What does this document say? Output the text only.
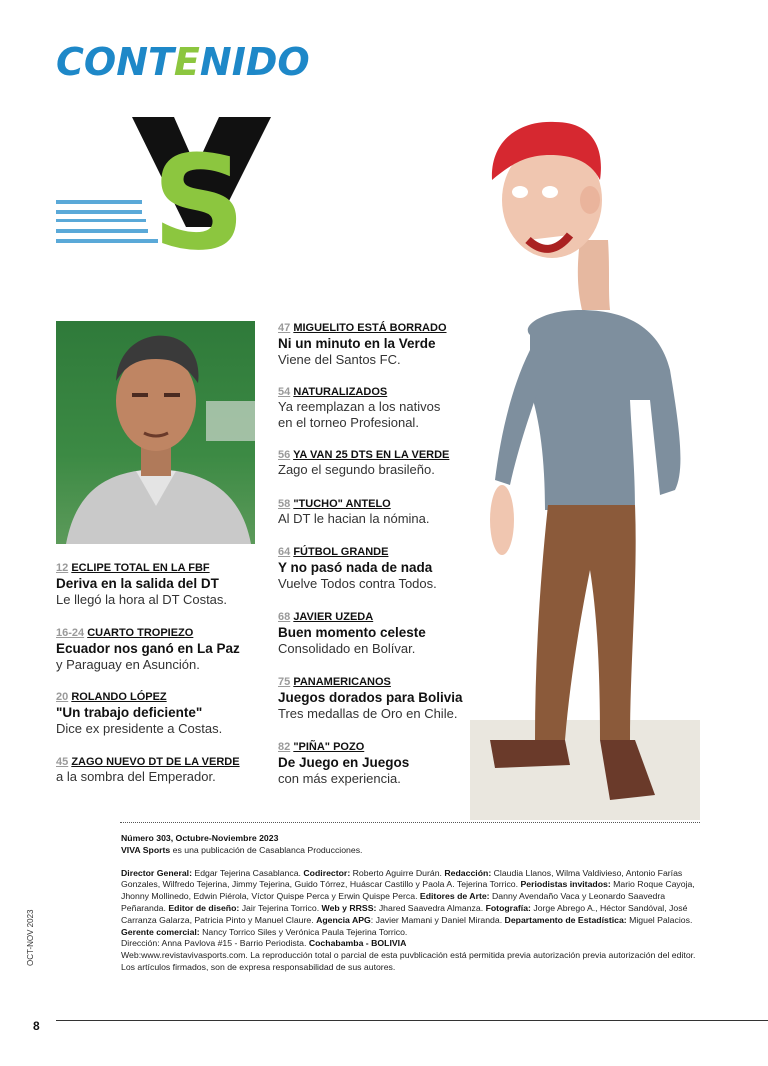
CONTENIDO
S
12 ECLIPE TOTAL EN LA FBF
Deriva en la salida del DT
Le llegó la hora al DT Costas.
16-24 CUARTO TROPIEZO
Ecuador nos ganó en La Paz
y Paraguay en Asunción.
20 ROLANDO LÓPEZ
"Un trabajo deficiente"
Dice ex presidente a Costas.
45 ZAGO NUEVO DT DE LA VERDE
a la sombra del Emperador.
47 MIGUELITO ESTÁ BORRADO
Ni un minuto en la Verde
Viene del Santos FC.
54 NATURALIZADOS
Ya reemplazan a los nativos
en el torneo Profesional.
56 YA VAN 25 DTS EN LA VERDE
Zago el segundo brasileño.
58 "TUCHO" ANTELO
Al DT le hacian la nómina.
64 FÚTBOL GRANDE
Y no pasó nada de nada
Vuelve Todos contra Todos.
68 JAVIER UZEDA
Buen momento celeste
Consolidado en Bolívar.
75 PANAMERICANOS
Juegos dorados para Bolivia
Tres medallas de Oro en Chile.
82 "PIÑA" POZO
De Juego en Juegos
con más experiencia.

Número 303, Octubre-Noviembre 2023
VIVA Sports es una publicación de Casablanca Producciones.

Director General: Edgar Tejerina Casablanca. Codirector: Roberto Aguirre Durán. Redacción: Claudia Llanos, Wilma Valdivieso, Antonio Farías Gonzales, Wilfredo Tejerina, Jimmy Tejerina, Guido Tórrez, Huáscar Castillo y Paola A. Tejerina Torrico. Periodistas invitados: Mario Roque Cayoja, Jhonny Mollinedo, Edwin Piérola, Víctor Quispe Perca y Erwin Quispe Perca. Editores de Arte: Danny Avendaño Vaca y Leonardo Saavedra Peñaranda. Editor de diseño: Jair Tejerina Torrico. Web y RRSS: Jhared Saavedra Almanza. Fotografía: Jorge Abrego A., Héctor Sandóval, José Carranza Galarza, Patricia Pinto y Manuel Claure. Agencia APG: Javier Mamani y Daniel Miranda. Departamento de Estadística: Miguel Palacios.
Gerente comercial: Nancy Torrico Siles y Verónica Paula Tejerina Torrico.
Dirección: Anna Pavlova #15 - Barrio Periodista. Cochabamba - BOLIVIA
Web:www.revistavivasports.com. La reproducción total o parcial de esta puvblicación está permitida previa autorización previa autorización del editor. Los artículos firmados, son de expresa responsabilidad de sus autores.
OCT-NOV 2023
8
